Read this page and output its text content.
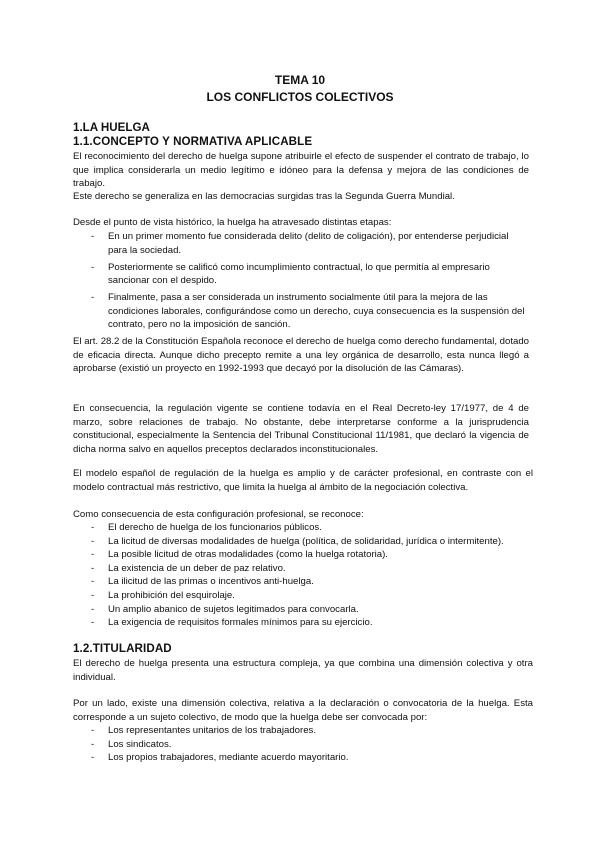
TEMA 10
LOS CONFLICTOS COLECTIVOS
1.LA HUELGA
1.1.CONCEPTO Y NORMATIVA APLICABLE

El reconocimiento del derecho de huelga supone atribuirle el efecto de suspender el contrato de trabajo, lo que implica considerarla un medio legítimo e idóneo para la defensa y mejora de las condiciones de trabajo.

Este derecho se generaliza en las democracias surgidas tras la Segunda Guerra Mundial.

Desde el punto de vista histórico, la huelga ha atravesado distintas etapas:

- En un primer momento fue considerada delito (delito de coligación), por entenderse perjudicial para la sociedad.
- Posteriormente se calificó como incumplimiento contractual, lo que permitía al empresario sancionar con el despido.
- Finalmente, pasa a ser considerada un instrumento socialmente útil para la mejora de las condiciones laborales, configurándose como un derecho, cuya consecuencia es la suspensión del contrato, pero no la imposición de sanción.

El art. 28.2 de la Constitución Española reconoce el derecho de huelga como derecho fundamental, dotado de eficacia directa. Aunque dicho precepto remite a una ley orgánica de desarrollo, esta nunca llegó a aprobarse (existió un proyecto en 1992-1993 que decayó por la disolución de las Cámaras).

En consecuencia, la regulación vigente se contiene todavía en el Real Decreto-ley 17/1977, de 4 de marzo, sobre relaciones de trabajo. No obstante, debe interpretarse conforme a la jurisprudencia constitucional, especialmente la Sentencia del Tribunal Constitucional 11/1981, que declaró la vigencia de dicha norma salvo en aquellos preceptos declarados inconstitucionales.

El modelo español de regulación de la huelga es amplio y de carácter profesional, en contraste con el modelo contractual más restrictivo, que limita la huelga al ámbito de la negociación colectiva.

Como consecuencia de esta configuración profesional, se reconoce:

- El derecho de huelga de los funcionarios públicos.
- La licitud de diversas modalidades de huelga (política, de solidaridad, jurídica o intermitente).
- La posible licitud de otras modalidades (como la huelga rotatoria).
- La existencia de un deber de paz relativo.
- La ilicitud de las primas o incentivos anti-huelga.
- La prohibición del esquirolaje.
- Un amplio abanico de sujetos legitimados para convocarla.
- La exigencia de requisitos formales mínimos para su ejercicio.
1.2.TITULARIDAD

El derecho de huelga presenta una estructura compleja, ya que combina una dimensión colectiva y otra individual.

Por un lado, existe una dimensión colectiva, relativa a la declaración o convocatoria de la huelga. Esta corresponde a un sujeto colectivo, de modo que la huelga debe ser convocada por:

- Los representantes unitarios de los trabajadores.
- Los sindicatos.
- Los propios trabajadores, mediante acuerdo mayoritario.
